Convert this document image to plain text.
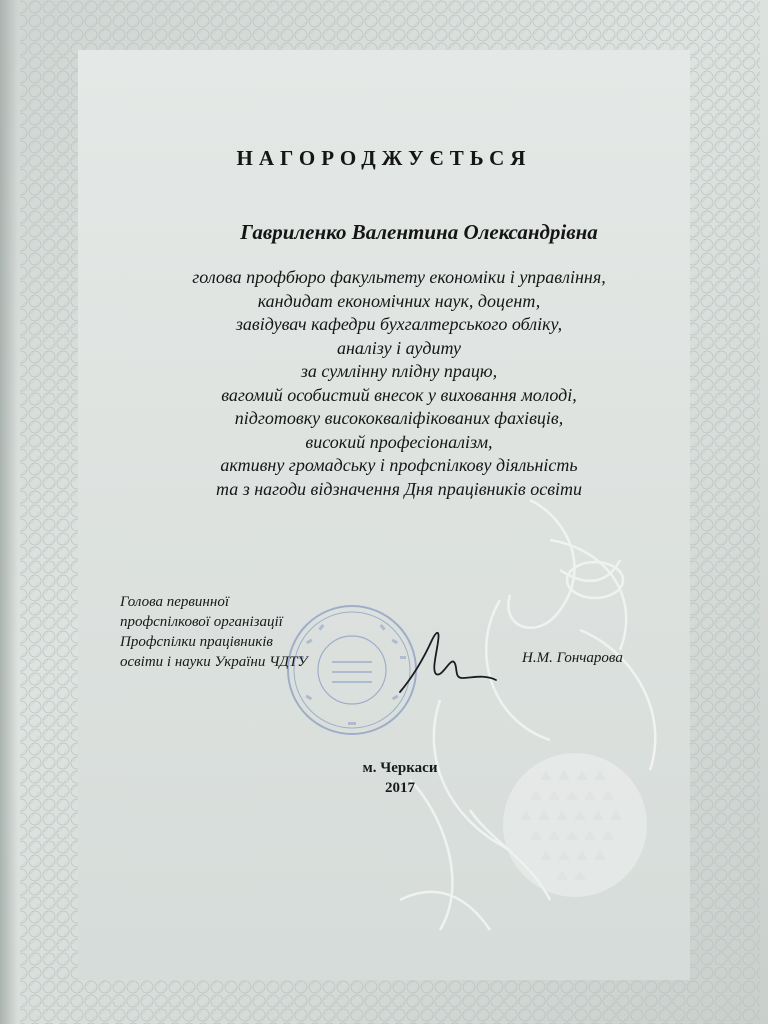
НАГОРОДЖУЄТЬСЯ
Гавриленко Валентина Олександрівна
голова профбюро факультету економіки і управління,
кандидат економічних наук, доцент,
завідувач кафедри бухгалтерського обліку,
аналізу і аудиту
за сумлінну плідну працю,
вагомий особистий внесок у виховання молоді,
підготовку висококваліфікованих фахівців,
високий професіоналізм,
активну громадську і профспілкову діяльність
та з нагоди відзначення Дня працівників освіти
Голова первинної
профспілкової організації
Профспілки працівників
освіти і науки України ЧДТУ	Н.М. Гончарова
м. Черкаси
2017
